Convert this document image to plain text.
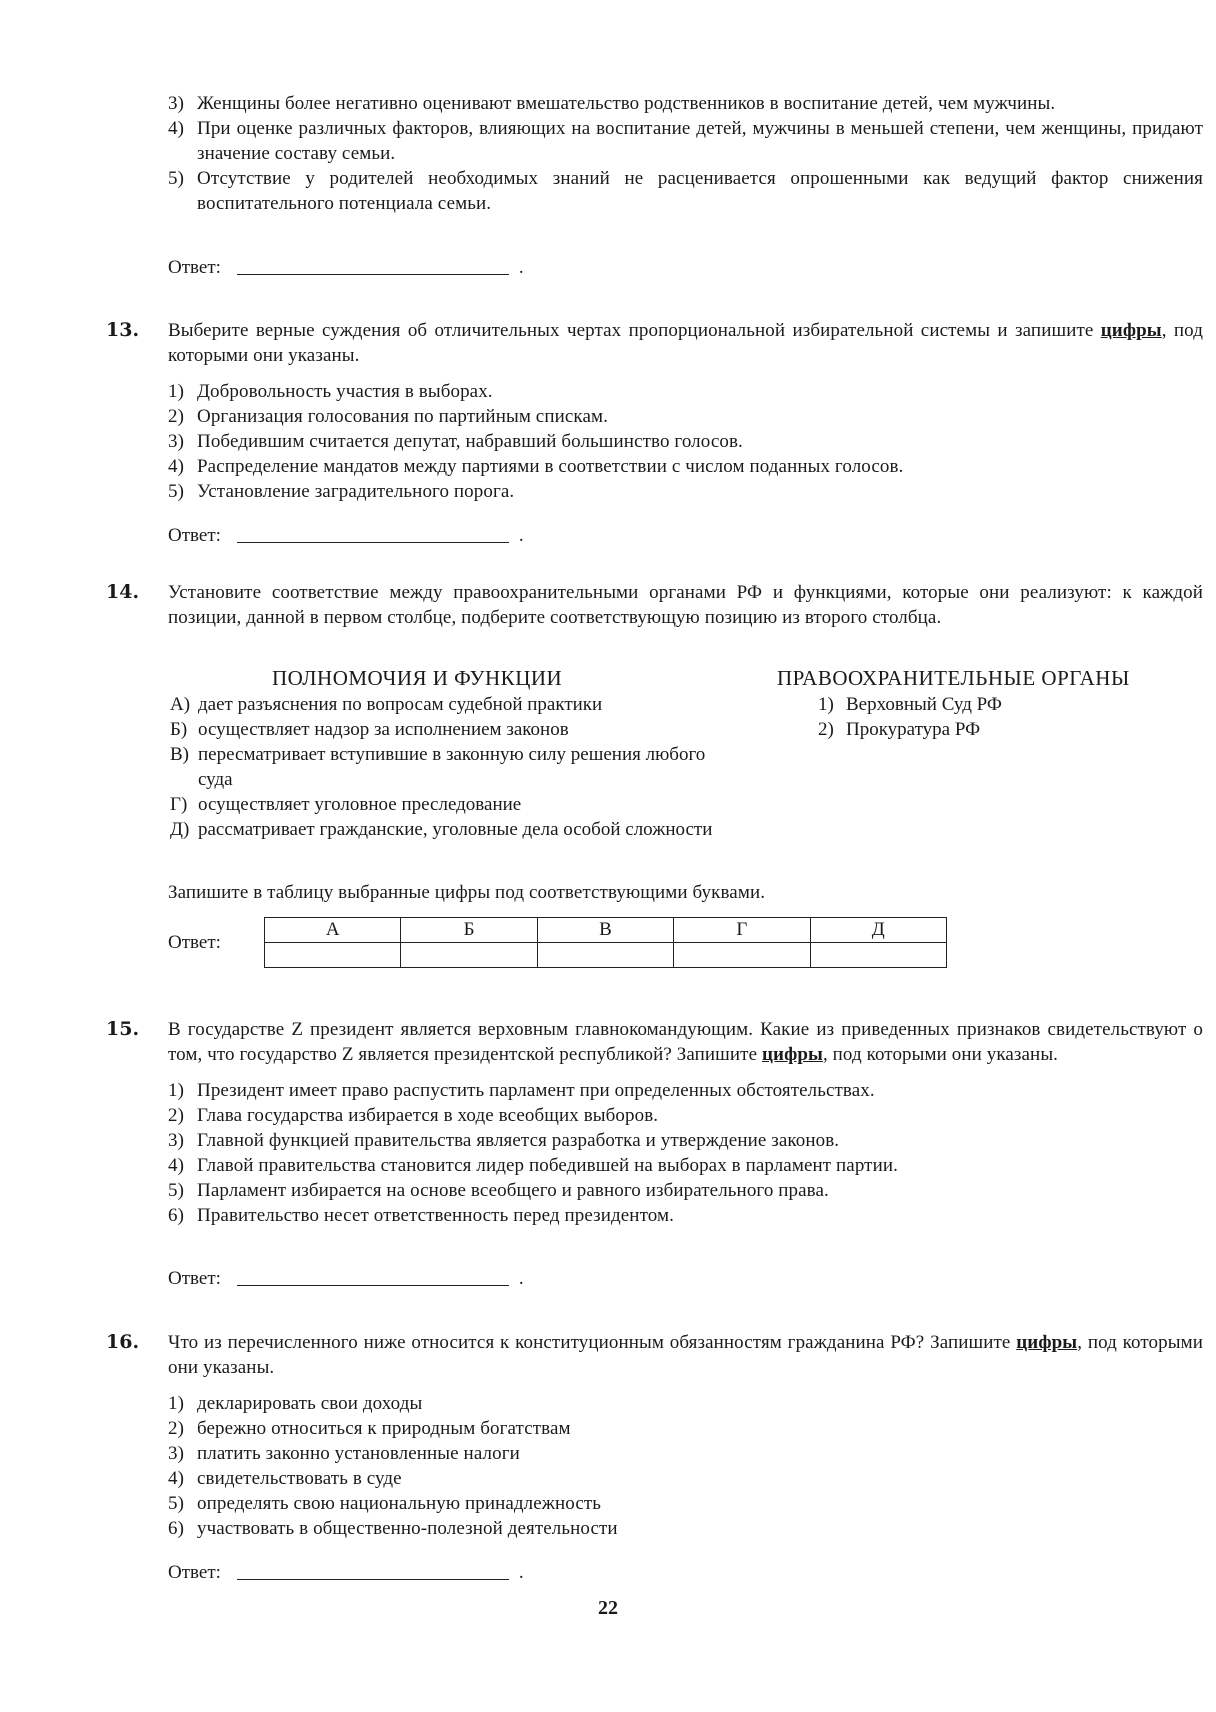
3) Женщины более негативно оценивают вмешательство родственников в воспитание детей, чем мужчины.
4) При оценке различных факторов, влияющих на воспитание детей, мужчины в меньшей степени, чем женщины, придают значение составу семьи.
5) Отсутствие у родителей необходимых знаний не расценивается опрошенными как ведущий фактор снижения воспитательного потенциала семьи.
Ответ:	.
13. Выберите верные суждения об отличительных чертах пропорциональной избирательной системы и запишите цифры, под которыми они указаны.

1) Добровольность участия в выборах.
2) Организация голосования по партийным спискам.
3) Победившим считается депутат, набравший большинство голосов.
4) Распределение мандатов между партиями в соответствии с числом поданных голосов.
5) Установление заградительного порога.
Ответ:	.
14. Установите соответствие между правоохранительными органами РФ и функциями, которые они реализуют: к каждой позиции, данной в первом столбце, подберите соответствующую позицию из второго столбца.

ПОЛНОМОЧИЯ И ФУНКЦИИ	ПРАВООХРАНИТЕЛЬНЫЕ ОРГАНЫ
А) дает разъяснения по вопросам судебной практики
Б) осуществляет надзор за исполнением законов
В) пересматривает вступившие в законную силу решения любого суда
Г) осуществляет уголовное преследование
Д) рассматривает гражданские, уголовные дела особой сложности
1) Верховный Суд РФ
2) Прокуратура РФ
Запишите в таблицу выбранные цифры под соответствующими буквами.
Ответ:
А	Б	В	Г	Д

15. В государстве Z президент является верховным главнокомандующим. Какие из приведенных признаков свидетельствуют о том, что государство Z является президентской республикой? Запишите цифры, под которыми они указаны.

1) Президент имеет право распустить парламент при определенных обстоятельствах.
2) Глава государства избирается в ходе всеобщих выборов.
3) Главной функцией правительства является разработка и утверждение законов.
4) Главой правительства становится лидер победившей на выборах в парламент партии.
5) Парламент избирается на основе всеобщего и равного избирательного права.
6) Правительство несет ответственность перед президентом.
Ответ:	.
16. Что из перечисленного ниже относится к конституционным обязанностям гражданина РФ? Запишите цифры, под которыми они указаны.

1) декларировать свои доходы
2) бережно относиться к природным богатствам
3) платить законно установленные налоги
4) свидетельствовать в суде
5) определять свою национальную принадлежность
6) участвовать в общественно-полезной деятельности
Ответ:	.
22
